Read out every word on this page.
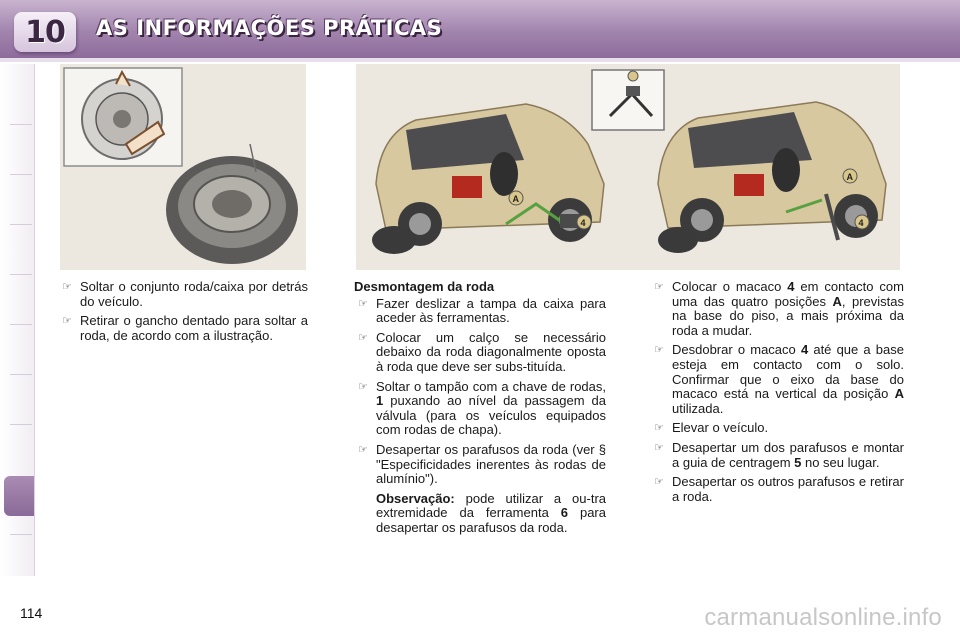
10 AS INFORMAÇÕES PRÁTICAS
A
4
A
4
☞ Soltar o conjunto roda/caixa por detrás do veículo.
☞ Retirar o gancho dentado para soltar a roda, de acordo com a ilustração.
Desmontagem da roda
☞ Fazer deslizar a tampa da caixa para aceder às ferramentas.
☞ Colocar um calço se necessário debaixo da roda diagonalmente oposta à roda que deve ser subs-tituída.
☞ Soltar o tampão com a chave de rodas, 1 puxando ao nível da passagem da válvula (para os veículos equipados com rodas de chapa).
☞ Desapertar os parafusos da roda (ver § "Especificidades inerentes às rodas de alumínio").
Observação: pode utilizar a ou-tra extremidade da ferramenta 6 para desapertar os parafusos da roda.
☞ Colocar o macaco 4 em contacto com uma das quatro posições A, previstas na base do piso, a mais próxima da roda a mudar.
☞ Desdobrar o macaco 4 até que a base esteja em contacto com o solo. Confirmar que o eixo da base do macaco está na vertical da posição A utilizada.
☞ Elevar o veículo.
☞ Desapertar um dos parafusos e montar a guia de centragem 5 no seu lugar.
☞ Desapertar os outros parafusos e retirar a roda.
114	carmanualsonline.info
